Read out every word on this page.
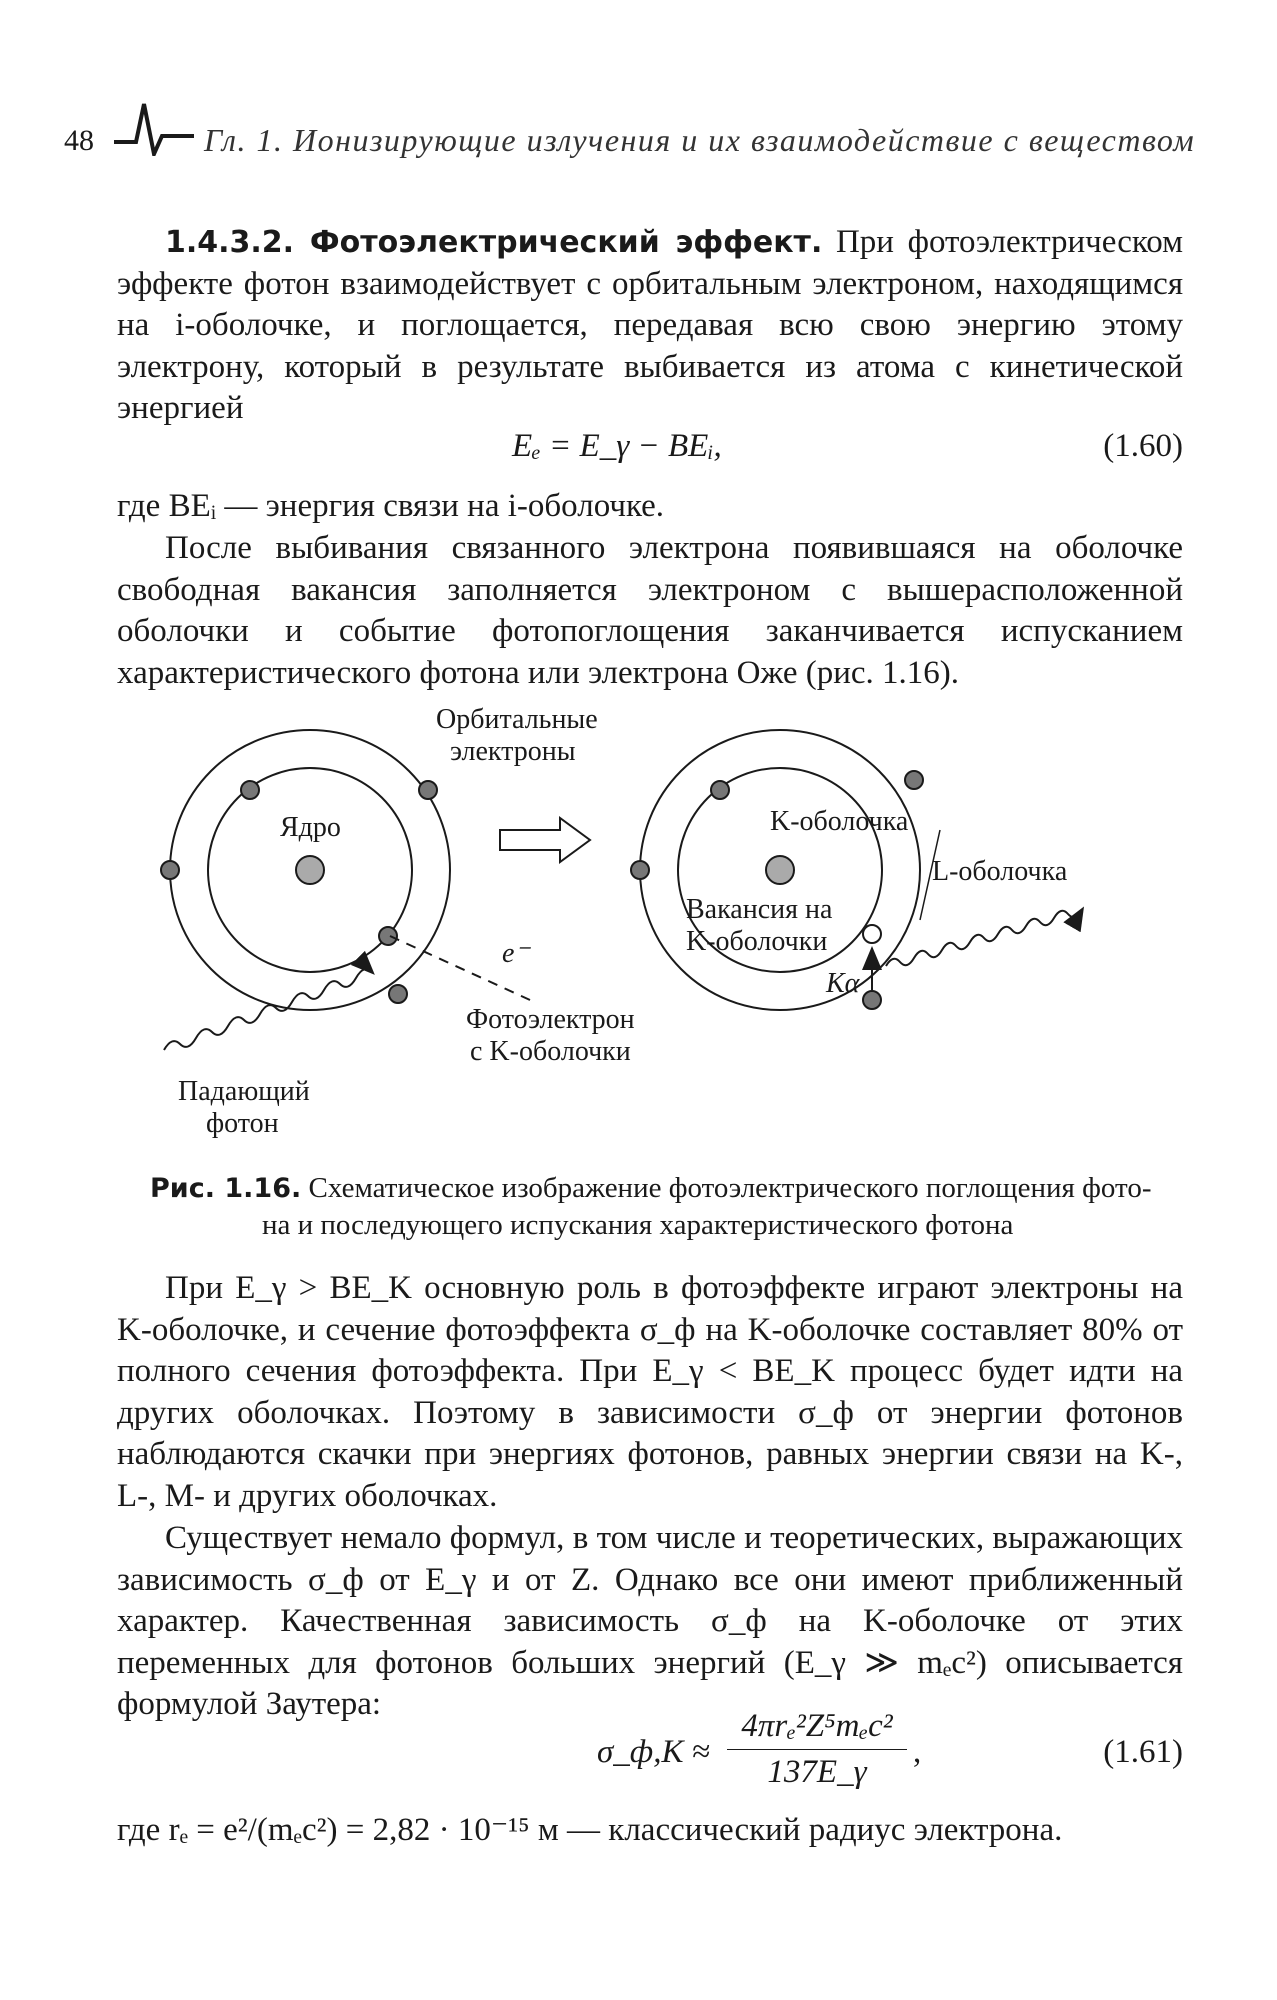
48	Гл. 1. Ионизирующие излучения и их взаимодействие с веществом

1.4.3.2. Фотоэлектрический эффект. При фотоэлектрическом эффекте фотон взаимодействует с орбитальным электроном, находящимся на i-оболочке, и поглощается, передавая всю свою энергию этому электрону, который в результате выбивается из атома с кинетической энергией

Eₑ = E_γ − BEᵢ,	(1.60)

где BEᵢ — энергия связи на i-оболочке.

После выбивания связанного электрона появившаяся на оболочке свободная вакансия заполняется электроном с вышерасположенной оболочки и событие фотопоглощения заканчивается испусканием характеристического фотона или электрона Оже (рис. 1.16).

Орбитальные
электроны
Ядро
e⁻
Фотоэлектрон
с K-оболочки
Падающий
фотон
K-оболочка
L-оболочка
Вакансия на
K-оболочки
Kα
Рис. 1.16. Схематическое изображение фотоэлектрического поглощения фото-
на и последующего испускания характеристического фотона

При E_γ > BE_K основную роль в фотоэффекте играют электроны на K-оболочке, и сечение фотоэффекта σ_ф на K-оболочке составляет 80% от полного сечения фотоэффекта. При E_γ < BE_K процесс будет идти на других оболочках. Поэтому в зависимости σ_ф от энергии фотонов наблюдаются скачки при энергиях фотонов, равных энергии связи на K-, L-, M- и других оболочках.

Существует немало формул, в том числе и теоретических, выражающих зависимость σ_ф от E_γ и от Z. Однако все они имеют приближенный характер. Качественная зависимость σ_ф на K-оболочке от этих переменных для фотонов больших энергий (E_γ ≫ mₑc²) описывается формулой Заутера:

σ_ф,K ≈
4πrₑ²Z⁵mₑc²
137E_γ
,	(1.61)

где rₑ = e²/(mₑc²) = 2,82 · 10⁻¹⁵ м — классический радиус электрона.
